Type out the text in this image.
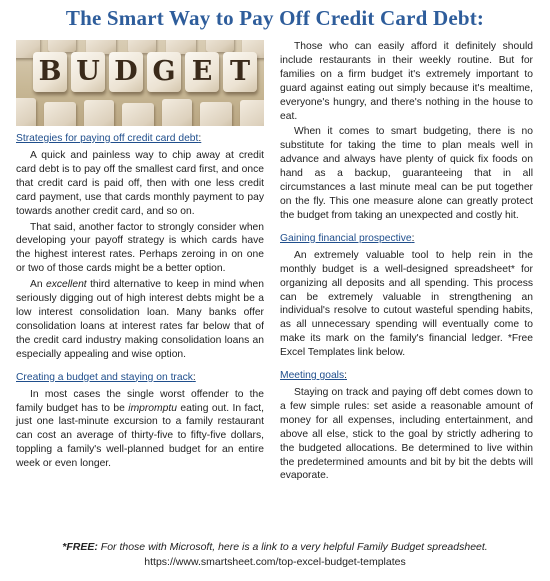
The Smart Way to Pay Off Credit Card Debt:
B U D G E T
Strategies for paying off credit card debt:

A quick and painless way to chip away at credit card debt is to pay off the smallest card first, and once that credit card is paid off, then with one less credit card payment, use that cards monthly payment to pay towards another credit card, and so on.

That said, another factor to strongly consider when developing your payoff strategy is which cards have the highest interest rates. Perhaps zeroing in on one or two of those cards might be a better option.

An excellent third alternative to keep in mind when seriously digging out of high interest debts might be a low interest consolidation loan. Many banks offer consolidation loans at interest rates far below that of the credit card industry making consolidation loans an especially appealing and wise option.

Creating a budget and staying on track:

In most cases the single worst offender to the family budget has to be impromptu eating out. In fact, just one last-minute excursion to a family restaurant can cost an average of thirty-five to fifty-five dollars, toppling a family's well-planned budget for an entire week or even longer.

Those who can easily afford it definitely should include restaurants in their weekly routine. But for families on a firm budget it's extremely important to guard against eating out simply because it's mealtime, everyone's hungry, and there's nothing in the house to eat.

When it comes to smart budgeting, there is no substitute for taking the time to plan meals well in advance and always have plenty of quick fix foods on hand as a backup, guaranteeing that in all circumstances a last minute meal can be put together on the fly. This one measure alone can greatly protect the budget from taking an unexpected and costly hit.

Gaining financial prospective:

An extremely valuable tool to help rein in the monthly budget is a well-designed spreadsheet* for organizing all deposits and all spending. This process can be extremely valuable in strengthening an individual's resolve to cutout wasteful spending habits, as all unnecessary spending will eventually come to make its mark on the family's financial ledger. *Free Excel Templates link below.

Meeting goals:

Staying on track and paying off debt comes down to a few simple rules: set aside a reasonable amount of money for all expenses, including entertainment, and above all else, stick to the goal by strictly adhering to the budgeted allocations. Be determined to live within the predetermined amounts and bit by bit the debts will evaporate.

*FREE: For those with Microsoft, here is a link to a very helpful Family Budget spreadsheet.
https://www.smartsheet.com/top-excel-budget-templates
